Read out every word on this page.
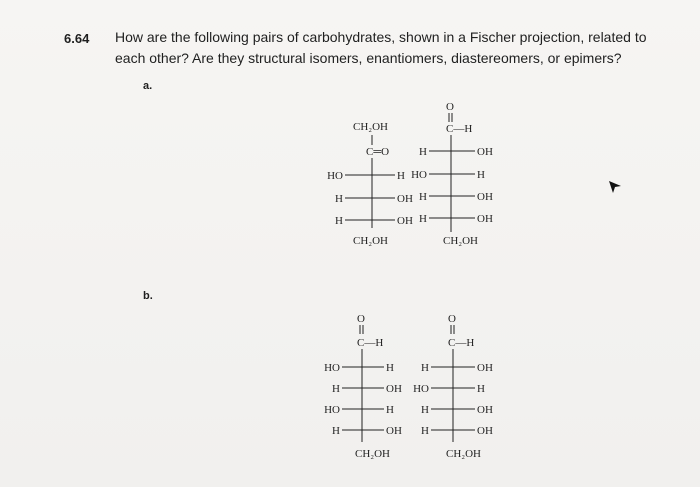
6.64 How are the following pairs of carbohydrates, shown in a Fischer projection, related to each other? Are they structural isomers, enantiomers, diastereomers, or epimers?
a.
b.
CH₂OH
C═O
HO	H
H	OH
H	OH
CH₂OH
O
C—H
H	OH
HO	H
H	OH
H	OH
CH₂OH
O
C—H
HO	H
H	OH
HO	H
H	OH
CH₂OH
O
C—H
H	OH
HO	H
H	OH
H	OH
CH₂OH
